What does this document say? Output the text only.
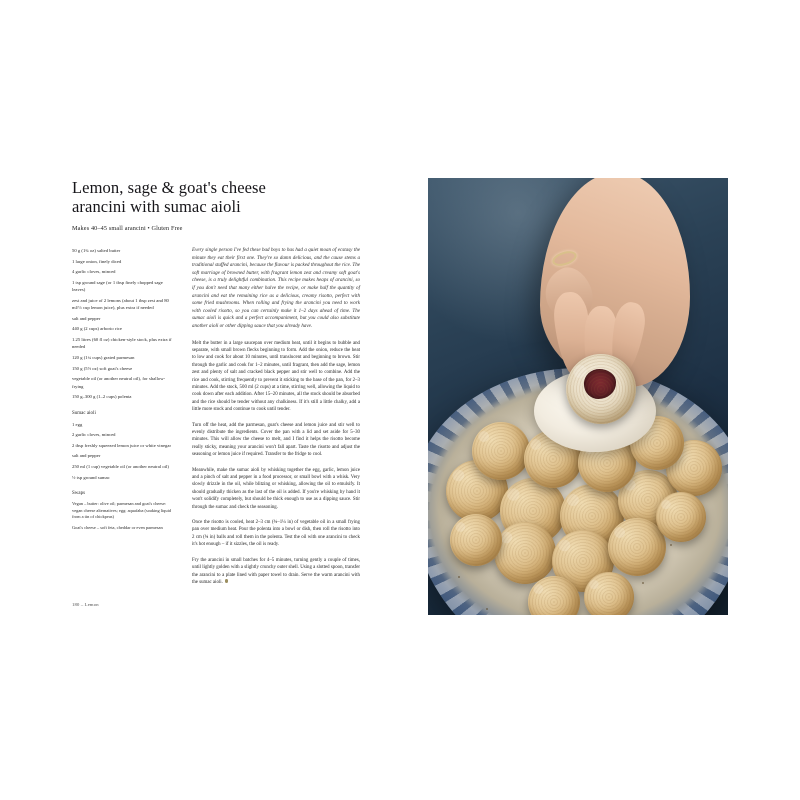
Lemon, sage & goat's cheese arancini with sumac aioli
Makes 40–45 small arancini • Gluten Free
50 g (1¾ oz) salted butter
1 large onion, finely diced
4 garlic cloves, minced
1 tsp ground sage (or 1 tbsp finely chopped sage leaves)
zest and juice of 2 lemons (about 1 tbsp zest and 80 ml/⅓ cup lemon juice), plus extra if needed
salt and pepper
440 g (2 cups) arborio rice
1.25 litres (60 fl oz) chicken-style stock, plus extra if needed
120 g (1¼ cups) grated parmesan
150 g (5½ oz) soft goat's cheese
vegetable oil (or another neutral oil), for shallow-frying
150 g–300 g (1–2 cups) polenta
Sumac aioli
1 egg
2 garlic cloves, minced
2 tbsp freshly squeezed lemon juice or white vinegar
salt and pepper
250 ml (1 cup) vegetable oil (or another neutral oil)
½ tsp ground sumac
Swaps
Vegan – butter: olive oil; parmesan and goat's cheese: vegan cheese alternatives; egg: aquafaba (soaking liquid from a tin of chickpeas)
Goat's cheese – soft feta, cheddar or even parmesan

Every single person I've fed these bad boys to has had a quiet moan of ecstasy the minute they eat their first one. They're so damn delicious, and the cause stems a traditional stuffed arancini, because the flavour is packed throughout the rice. The soft marriage of browned butter, with fragrant lemon zest and creamy soft goat's cheese, is a truly delightful combination. This recipe makes heaps of arancini, so if you don't need that many either halve the recipe, or make half the quantity of arancini and eat the remaining rice as a delicious, creamy risotto, perfect with some fried mushrooms. When rolling and frying the arancini you need to work with cooled risotto, so you can certainly make it 1–2 days ahead of time. The sumac aioli is quick and a perfect accompaniment, but you could also substitute another aioli or other dipping sauce that you already have.

Melt the butter in a large saucepan over medium heat, until it begins to bubble and separate, with small brown flecks beginning to form. Add the onion, reduce the heat to low and cook for about 10 minutes, until translucent and beginning to brown. Stir through the garlic and cook for 1–2 minutes, until fragrant, then add the sage, lemon zest and plenty of salt and cracked black pepper and stir well to combine. Add the rice and cook, stirring frequently to prevent it sticking to the base of the pan, for 2–3 minutes. Add the stock, 500 ml (2 cups) at a time, stirring well, allowing the liquid to cook down after each addition. After 15–20 minutes, all the stock should be absorbed and the rice should be tender without any chalkiness. If it's still a little chalky, add a little more stock and continue to cook until tender.

Turn off the heat, add the parmesan, goat's cheese and lemon juice and stir well to evenly distribute the ingredients. Cover the pan with a lid and set aside for 5–30 minutes. This will allow the cheese to melt, and I find it helps the risotto become really sticky, meaning your arancini won't fall apart. Taste the risotto and adjust the seasoning or lemon juice if required. Transfer to the fridge to cool.

Meanwhile, make the sumac aioli by whisking together the egg, garlic, lemon juice and a pinch of salt and pepper in a food processor, or small bowl with a whisk. Very slowly drizzle in the oil, while blitzing or whisking, allowing the oil to emulsify. It should gradually thicken as the last of the oil is added. If you're whisking by hand it won't solidify completely, but should be thick enough to use as a dipping sauce. Stir through the sumac and check the seasoning.

Once the risotto is cooled, heat 2–3 cm (¾–1¼ in) of vegetable oil in a small frying pan over medium heat. Pour the polenta into a bowl or dish, then roll the risotto into 2 cm (¾ in) balls and roll them in the polenta. Test the oil with one arancini to check it's hot enough – if it sizzles, the oil is ready.

Fry the arancini in small batches for 4–5 minutes, turning gently a couple of times, until lightly golden with a slightly crunchy outer shell. Using a slotted spoon, transfer the arancini to a plate lined with paper towel to drain. Serve the warm arancini with the sumac aioli.

180 – Lemon
